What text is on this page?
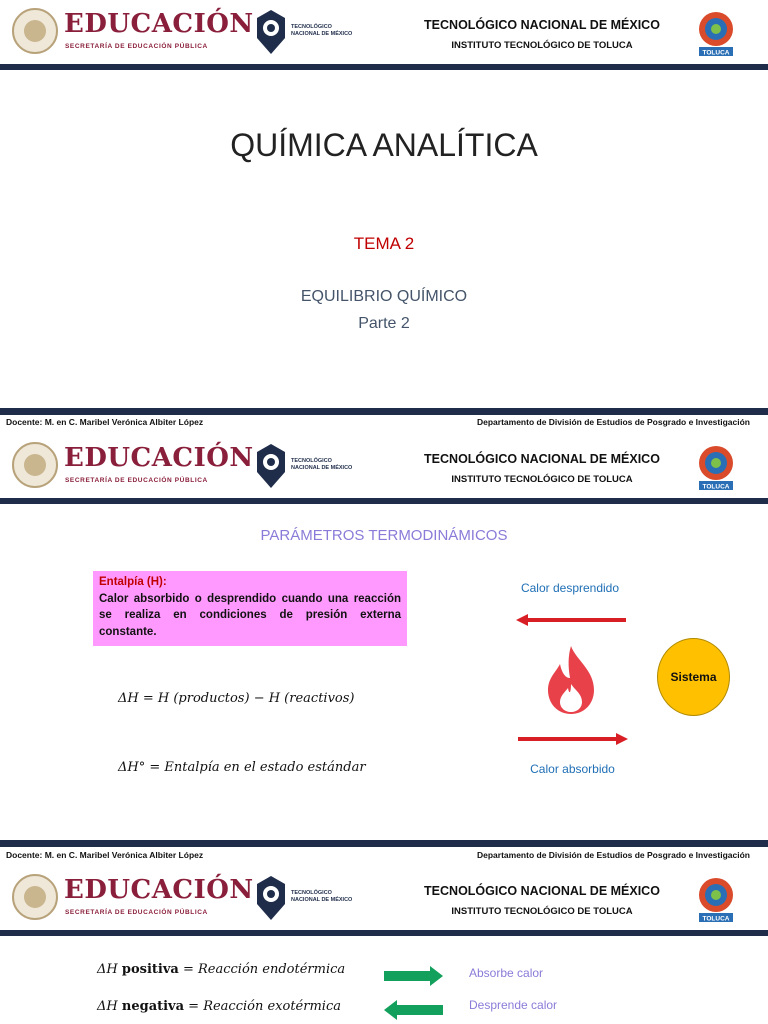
EDUCACIÓN
SECRETARÍA DE EDUCACIÓN PÚBLICA
TECNOLÓGICO
NACIONAL DE MÉXICO
TECNOLÓGICO NACIONAL DE MÉXICO
INSTITUTO TECNOLÓGICO DE TOLUCA
TOLUCA
QUÍMICA ANALÍTICA
TEMA 2
EQUILIBRIO QUÍMICO
Parte 2
Docente: M. en C. Maribel Verónica Albiter López	Departamento de División de Estudios de Posgrado e Investigación
EDUCACIÓN
SECRETARÍA DE EDUCACIÓN PÚBLICA
TECNOLÓGICO
NACIONAL DE MÉXICO
TECNOLÓGICO NACIONAL DE MÉXICO
INSTITUTO TECNOLÓGICO DE TOLUCA
TOLUCA
PARÁMETROS TERMODINÁMICOS
Entalpía (H):
Calor absorbido o desprendido cuando una reacción se realiza en condiciones de presión externa constante.
ΔH = H (productos) − H (reactivos)
ΔH° = Entalpía en el estado estándar
Calor desprendido
Sistema
Calor absorbido
Docente: M. en C. Maribel Verónica Albiter López	Departamento de División de Estudios de Posgrado e Investigación
EDUCACIÓN
SECRETARÍA DE EDUCACIÓN PÚBLICA
TECNOLÓGICO
NACIONAL DE MÉXICO
TECNOLÓGICO NACIONAL DE MÉXICO
INSTITUTO TECNOLÓGICO DE TOLUCA
TOLUCA
ΔH positiva = Reacción endotérmica	Absorbe calor
ΔH negativa = Reacción exotérmica	Desprende calor
